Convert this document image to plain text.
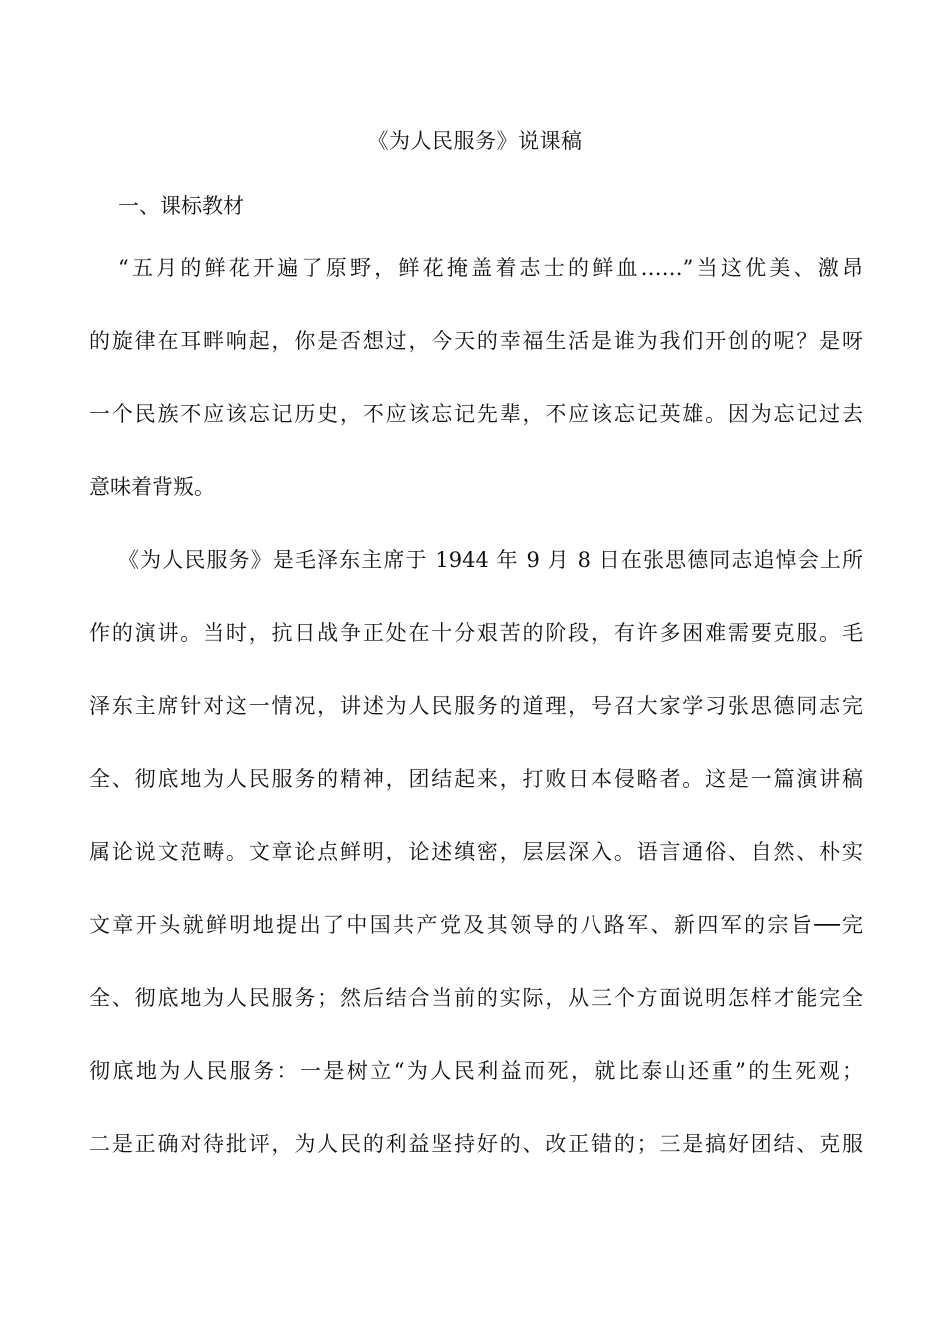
《为人民服务》说课稿
一、课标教材
“五月的鲜花开遍了原野，鲜花掩盖着志士的鲜血……”当这优美、激昂
的旋律在耳畔响起，你是否想过，今天的幸福生活是谁为我们开创的呢？是呀
一个民族不应该忘记历史，不应该忘记先辈，不应该忘记英雄。因为忘记过去
意味着背叛。
《为人民服务》是毛泽东主席于 1944 年 9 月 8 日在张思德同志追悼会上所
作的演讲。当时，抗日战争正处在十分艰苦的阶段，有许多困难需要克服。毛
泽东主席针对这一情况，讲述为人民服务的道理，号召大家学习张思德同志完
全、彻底地为人民服务的精神，团结起来，打败日本侵略者。这是一篇演讲稿
属论说文范畴。文章论点鲜明，论述缜密，层层深入。语言通俗、自然、朴实
文章开头就鲜明地提出了中国共产党及其领导的八路军、新四军的宗旨──完
全、彻底地为人民服务；然后结合当前的实际，从三个方面说明怎样才能完全
彻底地为人民服务：一是树立“为人民利益而死，就比泰山还重”的生死观；
二是正确对待批评，为人民的利益坚持好的、改正错的；三是搞好团结、克服
